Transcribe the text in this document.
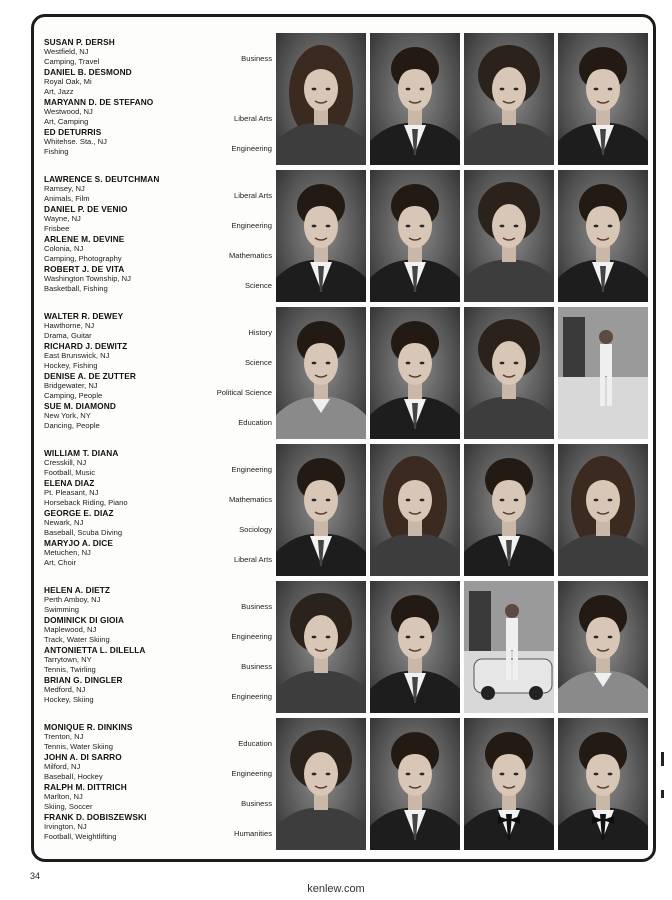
SUSAN P. DERSH
Westfield, NJ
Camping, Travel	Business
DANIEL B. DESMOND
Royal Oak, Mi
Art, Jazz
MARYANN D. DE STEFANO
Westwood, NJ
Art, Camping	Liberal Arts
ED DETURRIS
Whitehse. Sta., NJ
Fishing	Engineering
LAWRENCE S. DEUTCHMAN
Ramsey, NJ
Animals, Film	Liberal Arts
DANIEL P. DE VENIO
Wayne, NJ
Frisbee	Engineering
ARLENE M. DEVINE
Colonia, NJ
Camping, Photography	Mathematics
ROBERT J. DE VITA
Washington Township, NJ
Basketball, Fishing	Science
WALTER R. DEWEY
Hawthorne, NJ
Drama, Guitar	History
RICHARD J. DEWITZ
East Brunswick, NJ
Hockey, Fishing	Science
DENISE A. DE ZUTTER
Bridgewater, NJ
Camping, People	Political Science
SUE M. DIAMOND
New York, NY
Dancing, People	Education
WILLIAM T. DIANA
Cresskill, NJ
Football, Music	Engineering
ELENA DIAZ
Pt. Pleasant, NJ
Horseback Riding, Piano	Mathematics
GEORGE E. DIAZ
Newark, NJ
Baseball, Scuba Diving	Sociology
MARYJO A. DICE
Metuchen, NJ
Art, Choir	Liberal Arts
HELEN A. DIETZ
Perth Amboy, NJ
Swimming	Business
DOMINICK DI GIOIA
Maplewood, NJ
Track, Water Skiing	Engineering
ANTONIETTA L. DILELLA
Tarrytown, NY
Tennis, Twirling	Business
BRIAN G. DINGLER
Medford, NJ
Hockey, Skiing	Engineering
MONIQUE R. DINKINS
Trenton, NJ
Tennis, Water Skiing	Education
JOHN A. DI SARRO
Milford, NJ
Baseball, Hockey	Engineering
RALPH M. DITTRICH
Marlton, NJ
Skiing, Soccer	Business
FRANK D. DOBISZEWSKI
Irvington, NJ
Football, Weightlifting	Humanities
34
kenlew.com
